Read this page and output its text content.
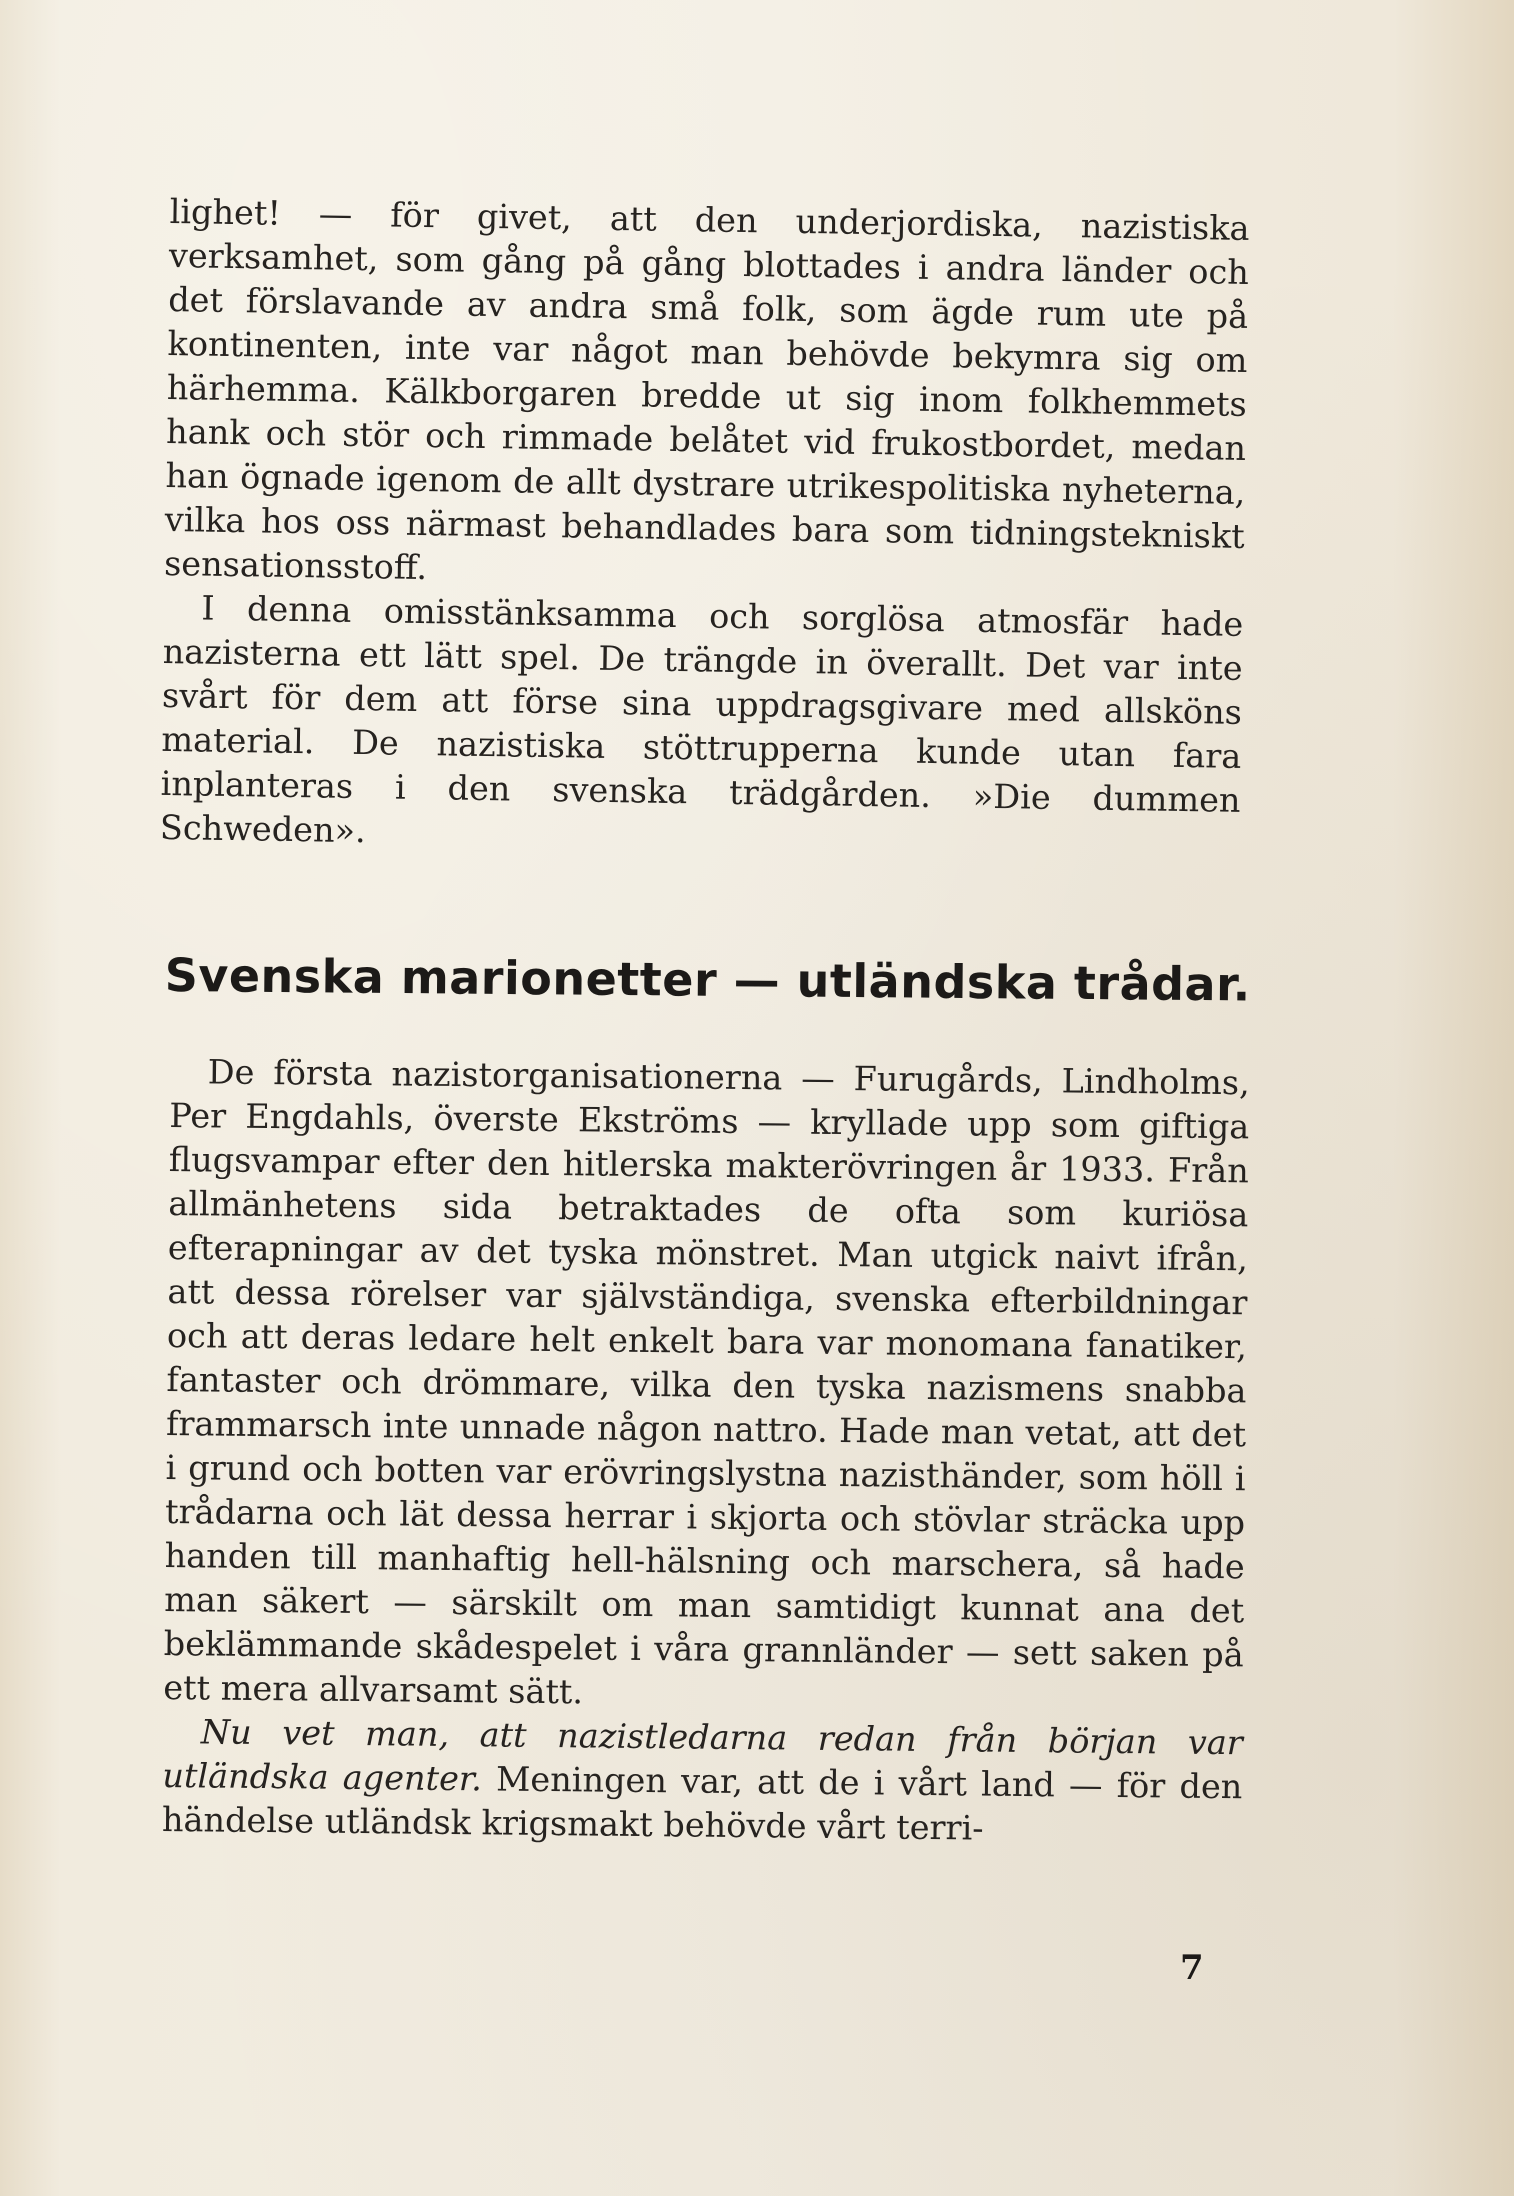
lighet! — för givet, att den underjordiska, nazistiska verksamhet, som gång på gång blottades i andra länder och det förslavande av andra små folk, som ägde rum ute på kontinenten, inte var något man behövde bekymra sig om härhemma. Kälkborgaren bredde ut sig inom folkhemmets hank och stör och rimmade belåtet vid frukostbordet, medan han ögnade igenom de allt dystrare utrikespolitiska nyheterna, vilka hos oss närmast behandlades bara som tidningstekniskt sensationsstoff.

I denna omisstänksamma och sorglösa atmosfär hade nazisterna ett lätt spel. De trängde in överallt. Det var inte svårt för dem att förse sina uppdragsgivare med allsköns material. De nazistiska stöttrupperna kunde utan fara inplanteras i den svenska trädgården. »Die dummen Schweden».

Svenska marionetter — utländska trådar.

De första nazistorganisationerna — Furugårds, Lindholms, Per Engdahls, överste Ekströms — kryllade upp som giftiga flugsvampar efter den hitlerska makterövringen år 1933. Från allmänhetens sida betraktades de ofta som kuriösa efterapningar av det tyska mönstret. Man utgick naivt ifrån, att dessa rörelser var självständiga, svenska efterbildningar och att deras ledare helt enkelt bara var monomana fanatiker, fantaster och drömmare, vilka den tyska nazismens snabba frammarsch inte unnade någon nattro. Hade man vetat, att det i grund och botten var erövringslystna nazisthänder, som höll i trådarna och lät dessa herrar i skjorta och stövlar sträcka upp handen till manhaftig hell-hälsning och marschera, så hade man säkert — särskilt om man samtidigt kunnat ana det beklämmande skådespelet i våra grannländer — sett saken på ett mera allvarsamt sätt.

Nu vet man, att nazistledarna redan från början var utländska agenter. Meningen var, att de i vårt land — för den händelse utländsk krigsmakt behövde vårt terri-

7
